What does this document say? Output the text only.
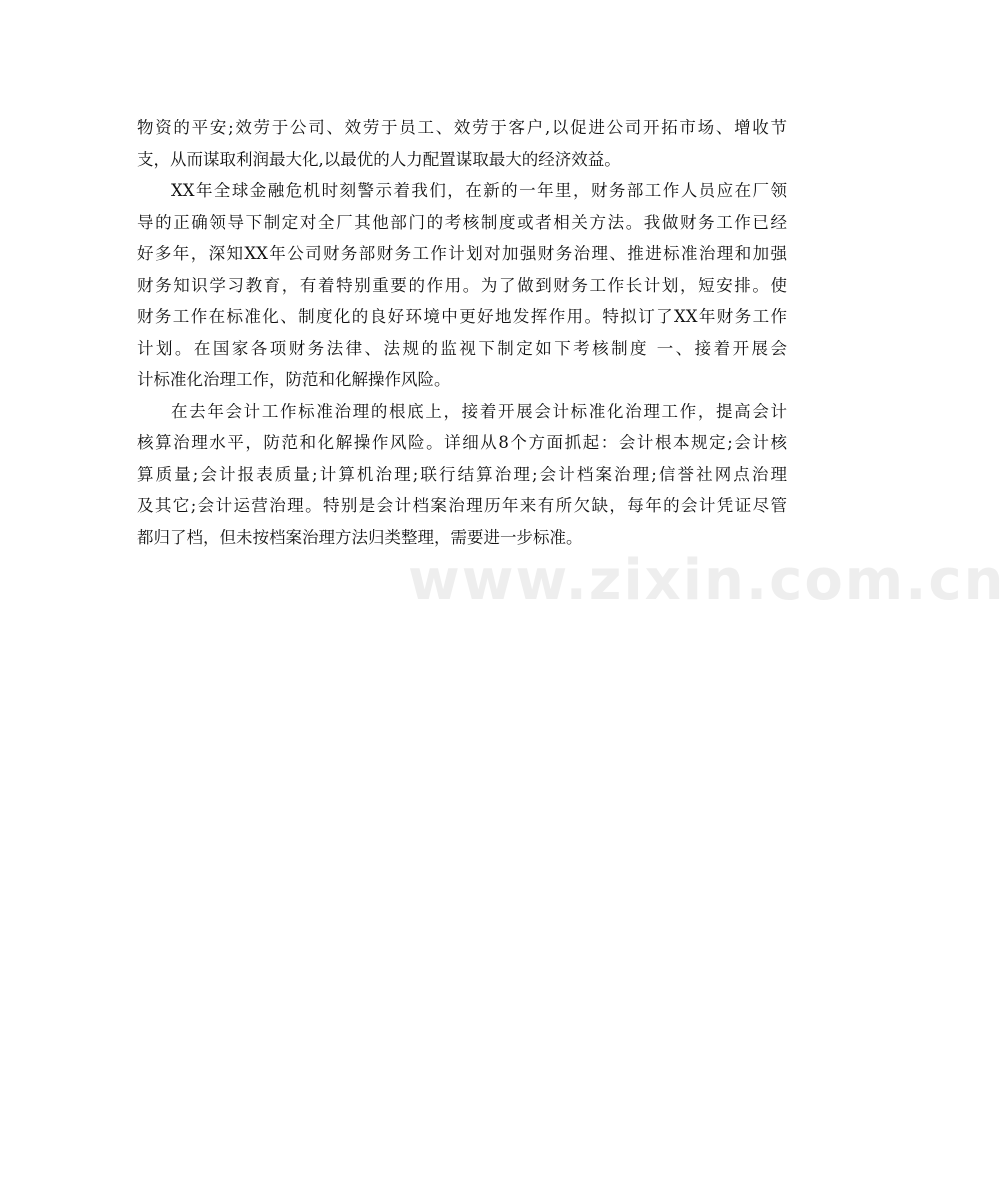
物资的平安;效劳于公司、效劳于员工、效劳于客户,以促进公司开拓市场、增收节
支，从而谋取利润最大化,以最优的人力配置谋取最大的经济效益。
XX年全球金融危机时刻警示着我们，在新的一年里，财务部工作人员应在厂领
导的正确领导下制定对全厂其他部门的考核制度或者相关方法。我做财务工作已经
好多年，深知XX年公司财务部财务工作计划对加强财务治理、推进标准治理和加强
财务知识学习教育，有着特别重要的作用。为了做到财务工作长计划，短安排。使
财务工作在标准化、制度化的良好环境中更好地发挥作用。特拟订了XX年财务工作
计划。在国家各项财务法律、法规的监视下制定如下考核制度 一、接着开展会
计标准化治理工作，防范和化解操作风险。
在去年会计工作标准治理的根底上，接着开展会计标准化治理工作，提高会计
核算治理水平，防范和化解操作风险。详细从8个方面抓起：会计根本规定;会计核
算质量;会计报表质量;计算机治理;联行结算治理;会计档案治理;信誉社网点治理
及其它;会计运营治理。特别是会计档案治理历年来有所欠缺，每年的会计凭证尽管
都归了档，但未按档案治理方法归类整理，需要进一步标准。
www.zixin.com.cn
